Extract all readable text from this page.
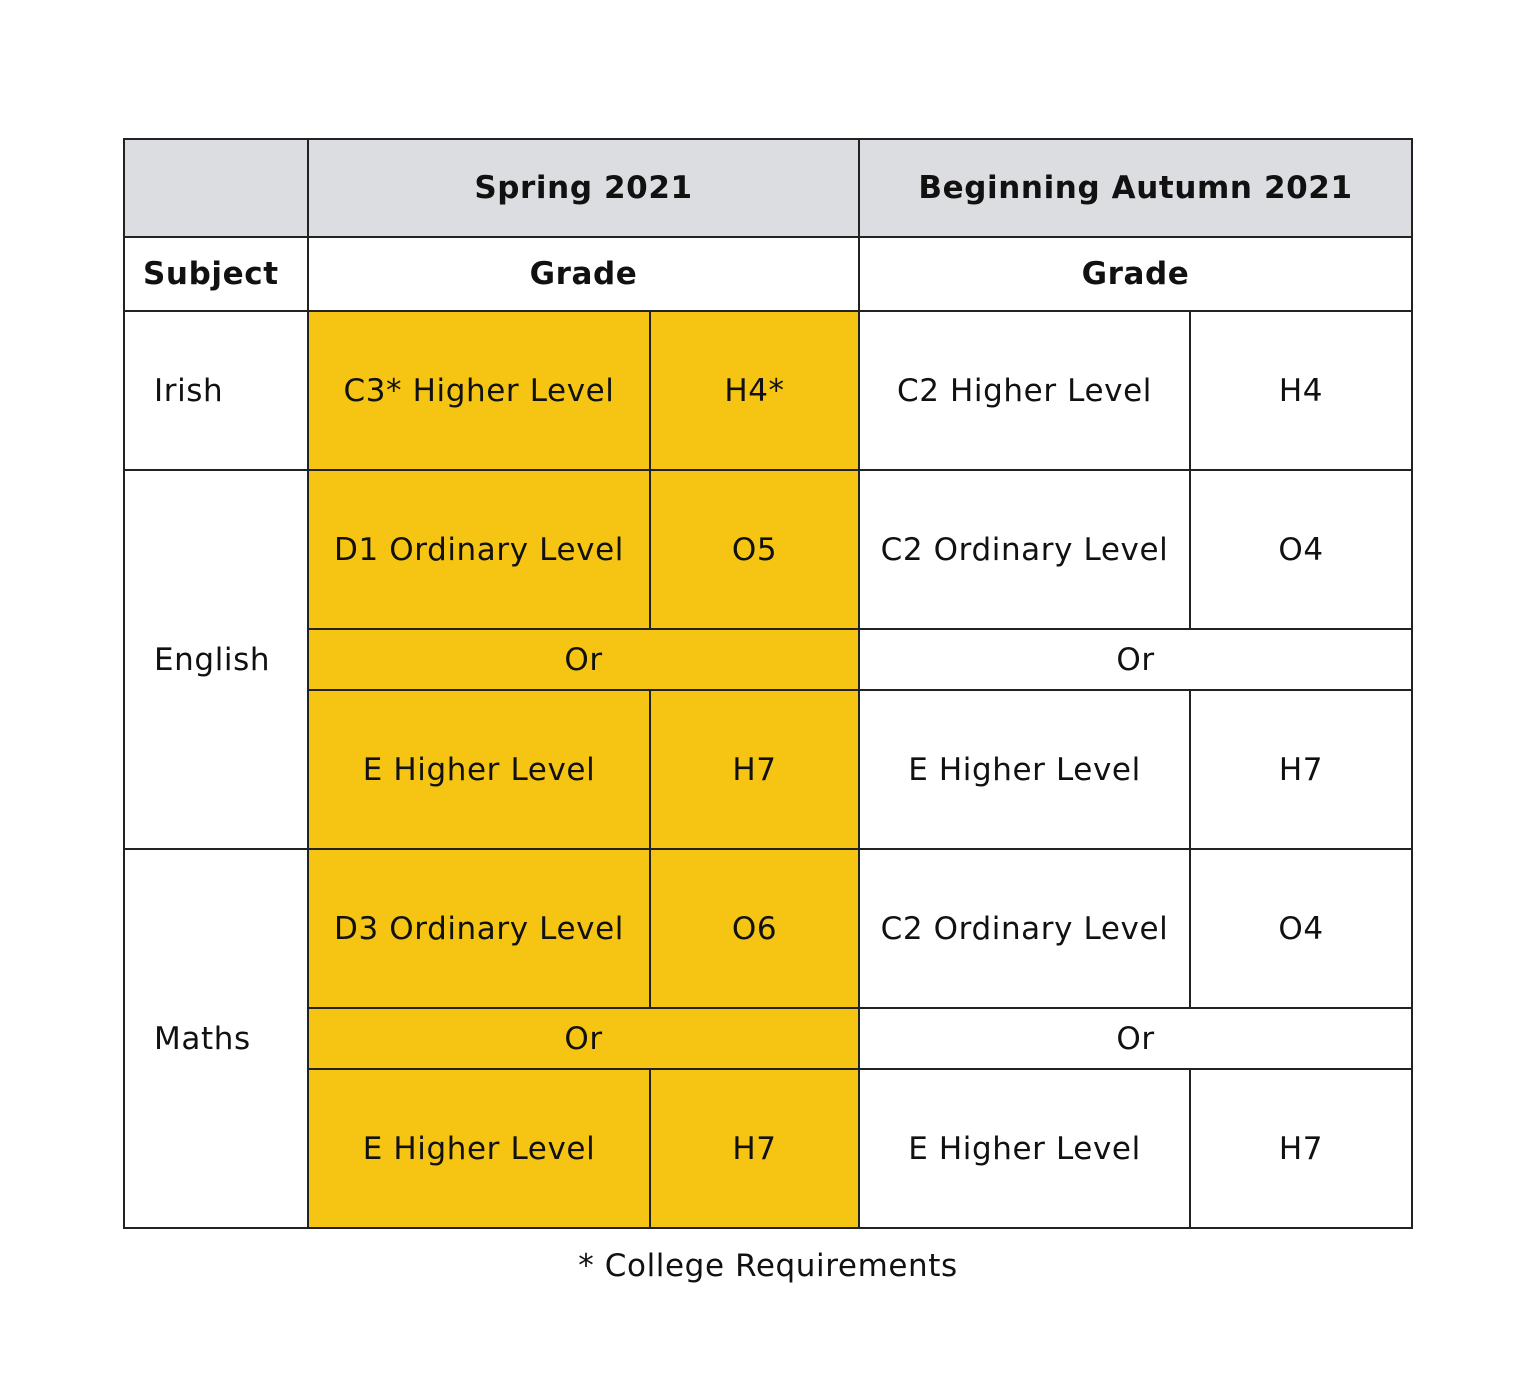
	Spring 2021		Beginning Autumn 2021	
Subject	Grade		Grade	
Irish	C3* Higher Level	H4*	C2 Higher Level	H4
English	D1 Ordinary Level	O5	C2 Ordinary Level	O4
	Or		Or	
	E Higher Level	H7	E Higher Level	H7
Maths	D3 Ordinary Level	O6	C2 Ordinary Level	O4
	Or		Or	
	E Higher Level	H7	E Higher Level	H7
* College Requirements
